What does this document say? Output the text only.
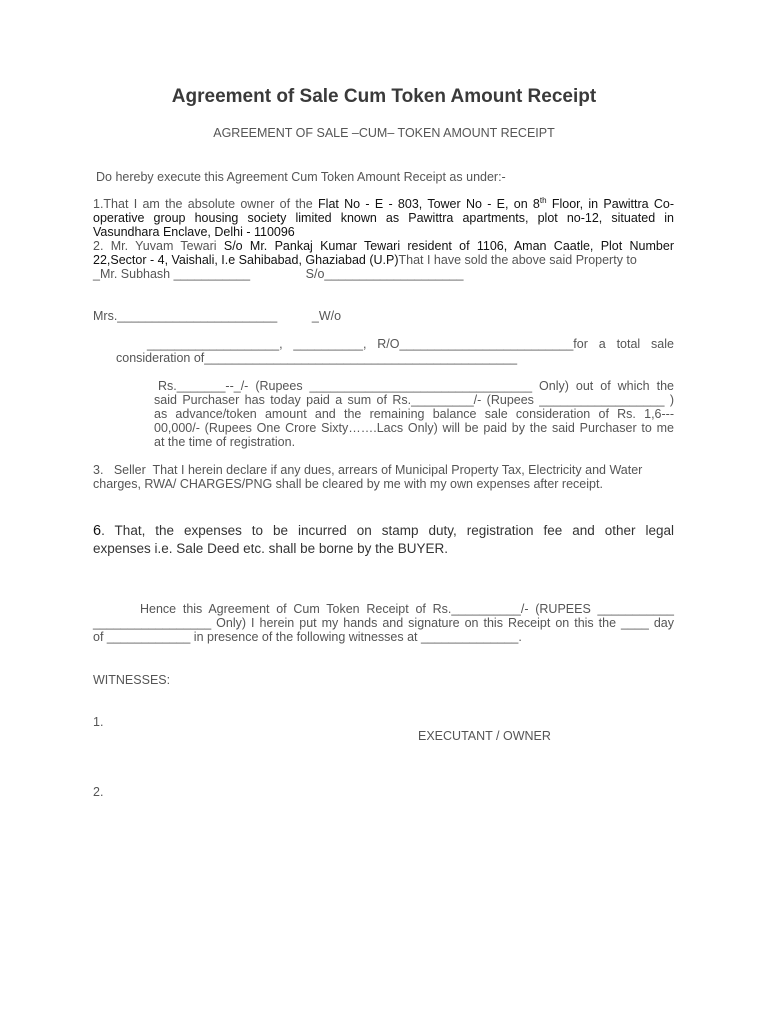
Agreement of Sale Cum Token Amount Receipt
AGREEMENT OF SALE –CUM– TOKEN AMOUNT RECEIPT
Do hereby execute this Agreement Cum Token Amount Receipt as under:-
1.That I am the absolute owner of the Flat No - E - 803, Tower No - E, on 8th Floor, in Pawittra Co-
operative group housing society limited known as Pawittra apartments, plot no-12, situated in
Vasundhara Enclave, Delhi - 110096
2. Mr. Yuvam Tewari S/o Mr. Pankaj Kumar Tewari resident of 1106, Aman Caatle, Plot Number
22,Sector - 4, Vaishali, I.e Sahibabad, Ghaziabad (U.P)That I have sold the above said Property to
_Mr. Subhash ___________                S/o____________________
Mrs._______________________          _W/o
___________________, __________, R/O_________________________for a total sale
consideration of_____________________________________________
Rs._______--_/- (Rupees ________________________________ Only) out of which the
said Purchaser has today paid a sum of Rs._________/- (Rupees __________________ )
as advance/token amount and the remaining balance sale consideration of Rs. 1,6---
00,000/- (Rupees One Crore Sixty…….Lacs Only) will be paid by the said Purchaser to me
at the time of registration.
3.   Seller  That I herein declare if any dues, arrears of Municipal Property Tax, Electricity and Water
charges, RWA/ CHARGES/PNG shall be cleared by me with my own expenses after receipt.
6. That, the expenses to be incurred on stamp duty, registration fee and other legal
expenses i.e. Sale Deed etc. shall be borne by the BUYER.
Hence this Agreement of Cum Token Receipt of Rs.__________/- (RUPEES ___________
_________________ Only) I herein put my hands and signature on this Receipt on this the ____ day
of ____________ in presence of the following witnesses at ______________.
WITNESSES:
1.
EXECUTANT / OWNER
2.
